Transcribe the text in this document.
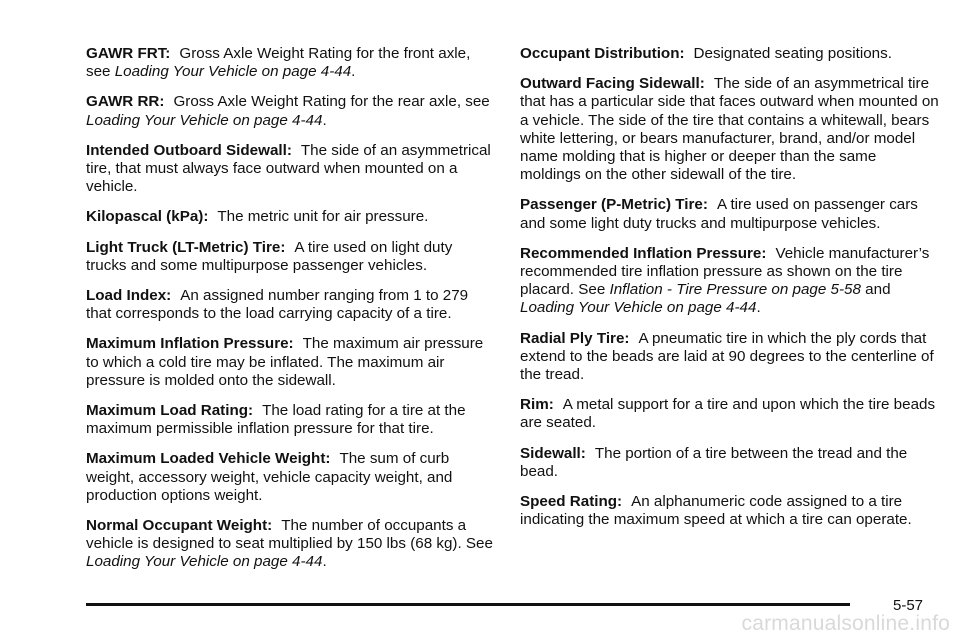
GAWR FRT: Gross Axle Weight Rating for the front axle, see Loading Your Vehicle on page 4-44.

GAWR RR: Gross Axle Weight Rating for the rear axle, see Loading Your Vehicle on page 4-44.

Intended Outboard Sidewall: The side of an asymmetrical tire, that must always face outward when mounted on a vehicle.

Kilopascal (kPa): The metric unit for air pressure.

Light Truck (LT-Metric) Tire: A tire used on light duty trucks and some multipurpose passenger vehicles.

Load Index: An assigned number ranging from 1 to 279 that corresponds to the load carrying capacity of a tire.

Maximum Inflation Pressure: The maximum air pressure to which a cold tire may be inflated. The maximum air pressure is molded onto the sidewall.

Maximum Load Rating: The load rating for a tire at the maximum permissible inflation pressure for that tire.

Maximum Loaded Vehicle Weight: The sum of curb weight, accessory weight, vehicle capacity weight, and production options weight.

Normal Occupant Weight: The number of occupants a vehicle is designed to seat multiplied by 150 lbs (68 kg). See Loading Your Vehicle on page 4-44.

Occupant Distribution: Designated seating positions.

Outward Facing Sidewall: The side of an asymmetrical tire that has a particular side that faces outward when mounted on a vehicle. The side of the tire that contains a whitewall, bears white lettering, or bears manufacturer, brand, and/or model name molding that is higher or deeper than the same moldings on the other sidewall of the tire.

Passenger (P-Metric) Tire: A tire used on passenger cars and some light duty trucks and multipurpose vehicles.

Recommended Inflation Pressure: Vehicle manufacturer’s recommended tire inflation pressure as shown on the tire placard. See Inflation - Tire Pressure on page 5-58 and Loading Your Vehicle on page 4-44.

Radial Ply Tire: A pneumatic tire in which the ply cords that extend to the beads are laid at 90 degrees to the centerline of the tread.

Rim: A metal support for a tire and upon which the tire beads are seated.

Sidewall: The portion of a tire between the tread and the bead.

Speed Rating: An alphanumeric code assigned to a tire indicating the maximum speed at which a tire can operate.

5-57
carmanualsonline.info
